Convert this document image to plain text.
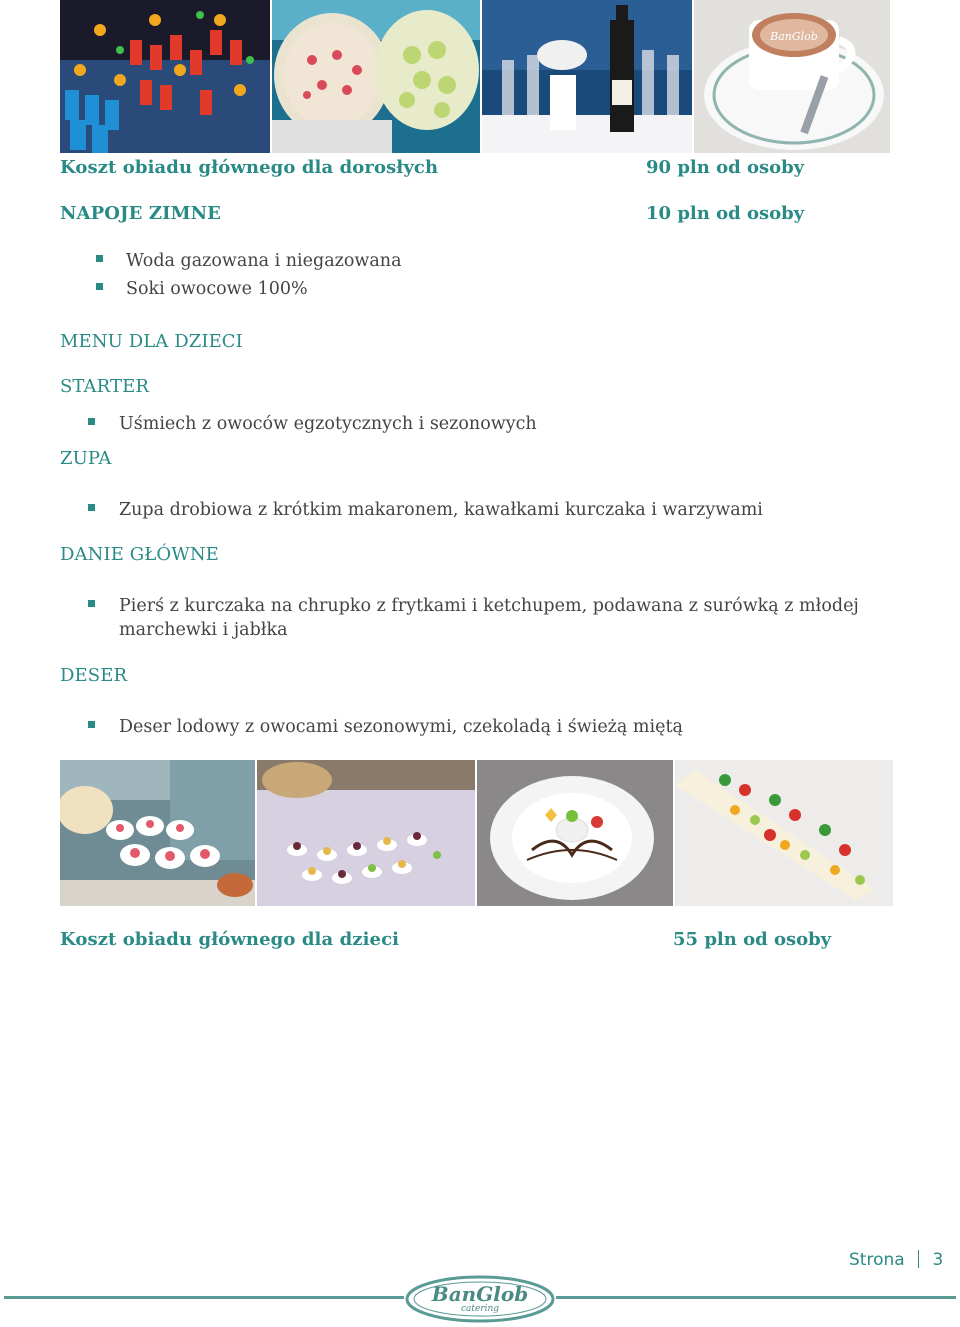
BanGlob
Koszt obiadu głównego dla dorosłych	90 pln od osoby
NAPOJE ZIMNE	10 pln od osoby
Woda gazowana i niegazowana
Soki owocowe 100%
MENU DLA DZIECI
STARTER
Uśmiech z owoców egzotycznych i sezonowych
ZUPA
Zupa drobiowa z krótkim makaronem, kawałkami kurczaka i warzywami
DANIE GŁÓWNE
Pierś z kurczaka na chrupko z frytkami i ketchupem, podawana z surówką z młodej
marchewki i jabłka
DESER
Deser lodowy z owocami sezonowymi, czekoladą i świeżą miętą
Koszt obiadu głównego dla dzieci	55 pln od osoby
Strona 3
BanGlob
catering
